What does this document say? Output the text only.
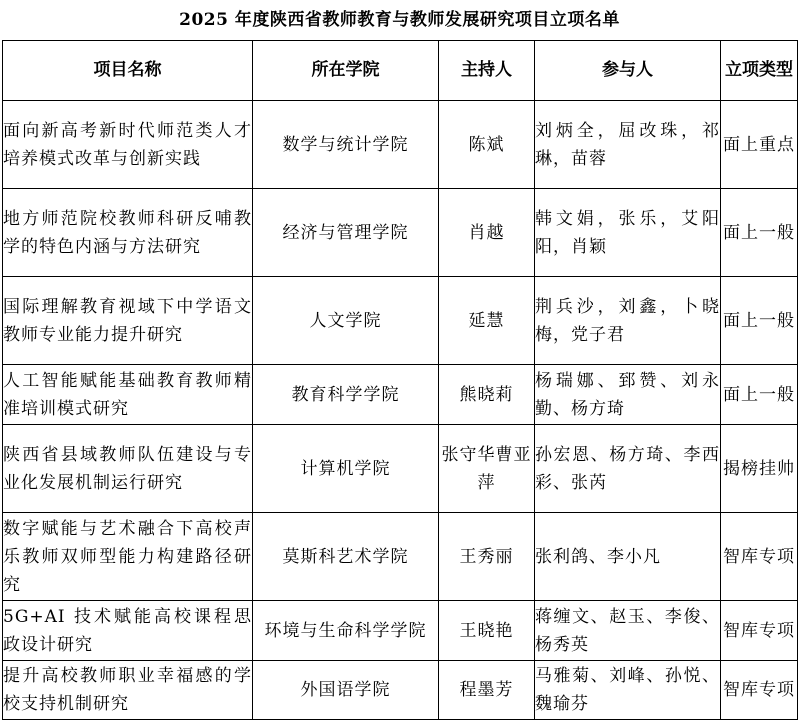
2025 年度陕西省教师教育与教师发展研究项目立项名单
项目名称	所在学院	主持人	参与人	立项类型
面向新高考新时代师范类人才培养模式改革与创新实践	数学与统计学院	陈斌	刘炳全，屈改珠，祁　琳，苗蓉	面上重点
地方师范院校教师科研反哺教学的特色内涵与方法研究	经济与管理学院	肖越	韩文娟，张乐，艾阳阳，肖颖	面上一般
国际理解教育视域下中学语文教师专业能力提升研究	人文学院	延慧	荆兵沙，刘鑫，卜晓梅，党子君	面上一般
人工智能赋能基础教育教师精准培训模式研究	教育科学学院	熊晓莉	杨瑞娜、郅赞、刘永勤、杨方琦	面上一般
陕西省县域教师队伍建设与专业化发展机制运行研究	计算机学院	张守华曹亚萍	孙宏恩、杨方琦、李西彩、张芮	揭榜挂帅
数字赋能与艺术融合下高校声乐教师双师型能力构建路径研究	莫斯科艺术学院	王秀丽	张利鸽、李小凡	智库专项
5G+AI 技术赋能高校课程思政设计研究	环境与生命科学学院	王晓艳	蒋缠文、赵玉、李俊、杨秀英	智库专项
提升高校教师职业幸福感的学校支持机制研究	外国语学院	程墨芳	马雅菊、刘峰、孙悦、魏瑜芬	智库专项
